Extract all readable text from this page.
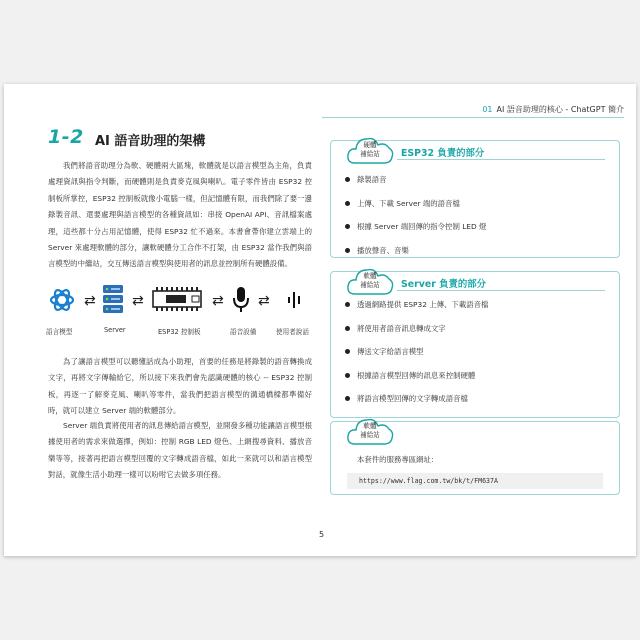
01 AI 語音助理的核心 - ChatGPT 簡介
1-2 AI 語音助理的架構
我們將語音助理分為軟、硬體兩大區塊，軟體就是以語言模型為主角，負責處理資訊與指令判斷，而硬體則是負責麥克風與喇叭。電子零件皆由 ESP32 控制板所掌控，ESP32 控制板就像小電腦一樣，但記憶體有限，而我們除了要一邊錄製音訊、還要處理與語言模型的各種資訊如：串接 OpenAI API、音訊檔案處理，這些都十分占用記憶體，使得 ESP32 忙不過來。本書會帶你建立雲端上的 Server 來處理軟體的部分，讓軟硬體分工合作不打架，由 ESP32 當作我們與語言模型的中繼站，交互傳送語言模型與使用者的訊息並控制所有硬體設備。
⇄	⇄	⇄ ⇄
語言模型	Server	ESP32 控制板	語音設備	使用者說話
為了讓語言模型可以聽懂話成為小助理，首要的任務是將錄製的語音轉換成文字，再將文字傳輸給它，所以接下來我們會先認識硬體的核心 -- ESP32 控制板，再逐一了解麥克風、喇叭等零件，當我們把語言模型的溝通橋樑都準備好時，就可以建立 Server 端的軟體部分。
Server 端負責將使用者的訊息傳給語言模型，並開發多種功能讓語言模型根據使用者的需求來做選擇，例如：控制 RGB LED 燈色、上網搜尋資料、播放音樂等等，接著再把語言模型回覆的文字轉成語音檔，如此一來就可以和語言模型對話，就像生活小助理一樣可以吩咐它去做多項任務。
硬體
補給站	ESP32 負責的部分
錄製語音
上傳、下載 Server 端的語音檔
根據 Server 端回傳的指令控制 LED 燈
播放聲音、音樂
軟體
補給站	Server 負責的部分
透過網路提供 ESP32 上傳、下載語音檔
將使用者語音訊息轉成文字
傳送文字給語言模型
根據語言模型回傳的訊息來控制硬體
將語言模型回傳的文字轉成語音檔
軟體
補給站
本套件的服務專區網址：
https://www.flag.com.tw/bk/t/FM637A
5
